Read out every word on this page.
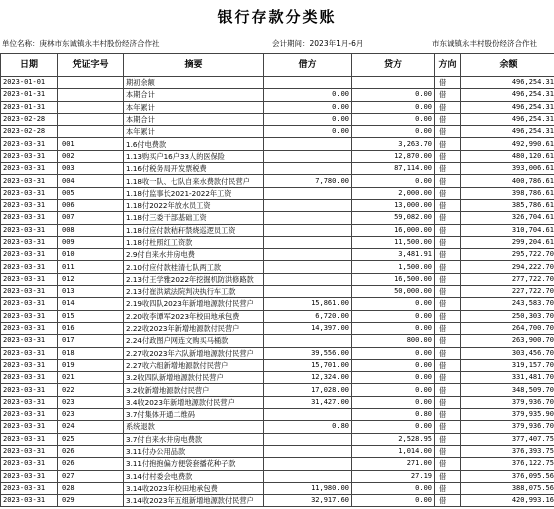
银行存款分类账
单位名称：庚林市东诚镇永丰村股份经济合作社	会计期间：2023年1月-6月	市东诚镇永丰村股份经济合作社
日期	凭证字号	摘要	借方	贷方	方向	余额
2023-01-01		期初余额			借	496,254.31
2023-01-31		本期合计	0.00	0.00	借	496,254.31
2023-01-31		本年累计	0.00	0.00	借	496,254.31
2023-02-28		本期合计	0.00	0.00	借	496,254.31
2023-02-28		本年累计	0.00	0.00	借	496,254.31
2023-03-31	001	1.6付电费款		3,263.70	借	492,990.61
2023-03-31	002	1.13购买户16户33人的医保险		12,870.00	借	480,120.61
2023-03-31	003	1.16付税务局开发票税费		87,114.00	借	393,006.61
2023-03-31	004	1.18收一队、七队自来水费款付民营户	7,780.00	0.00	借	400,786.61
2023-03-31	005	1.18付监事长2021-2022年工资		2,000.00	借	398,786.61
2023-03-31	006	1.18付2022年放水员工资		13,000.00	借	385,786.61
2023-03-31	007	1.18付三委干部基础工资		59,082.00	借	326,704.61
2023-03-31	008	1.18付应付款秸秆禁烧巡逻员工资		16,000.00	借	310,704.61
2023-03-31	009	1.18付杜照红工资款		11,500.00	借	299,204.61
2023-03-31	010	2.9付自来水井房电费		3,481.91	借	295,722.70
2023-03-31	011	2.10付应付款桂清七队两工款		1,500.00	借	294,222.70
2023-03-31	012	2.13付王学雅2022年挖掘机防洪修路款		16,500.00	借	277,722.70
2023-03-31	013	2.13付崔洪斌法院判决执行车工款		50,000.00	借	227,722.70
2023-03-31	014	2.19收四队2023年新增地源款付民营户	15,861.00	0.00	借	243,583.70
2023-03-31	015	2.20收李谭军2023年校田地承包费	6,720.00	0.00	借	250,303.70
2023-03-31	016	2.22收2023年新增地源款付民营户	14,397.00	0.00	借	264,700.70
2023-03-31	017	2.24付政图户网连文购买马桶款		800.00	借	263,900.70
2023-03-31	018	2.27收2023年六队新增地源款付民营户	39,556.00	0.00	借	303,456.70
2023-03-31	019	2.27收六组新增地源款付民营户	15,701.00	0.00	借	319,157.70
2023-03-31	021	3.2收四队新增地源款付民营户	12,324.00	0.00	借	331,481.70
2023-03-31	022	3.2收新增地源款付民营户	17,028.00	0.00	借	348,509.70
2023-03-31	023	3.4收2023年新增地源款付民营户	31,427.00	0.00	借	379,936.70
2023-03-31	023	3.7付集体开通二维码		0.80	借	379,935.90
2023-03-31	024	系统退款	0.80	0.00	借	379,936.70
2023-03-31	025	3.7付自来水井房电费款		2,528.95	借	377,407.75
2023-03-31	026	3.11付办公用品款		1,014.00	借	376,393.75
2023-03-31	026	3.11付抱抱偏方便袋套播花种子款		271.00	借	376,122.75
2023-03-31	027	3.14付村委会电费款		27.19	借	376,095.56
2023-03-31	028	3.14收2023年校田地承包费	11,980.00	0.00	借	388,075.56
2023-03-31	029	3.14收2023年五组新增地源款付民营户	32,917.60	0.00	借	420,993.16
